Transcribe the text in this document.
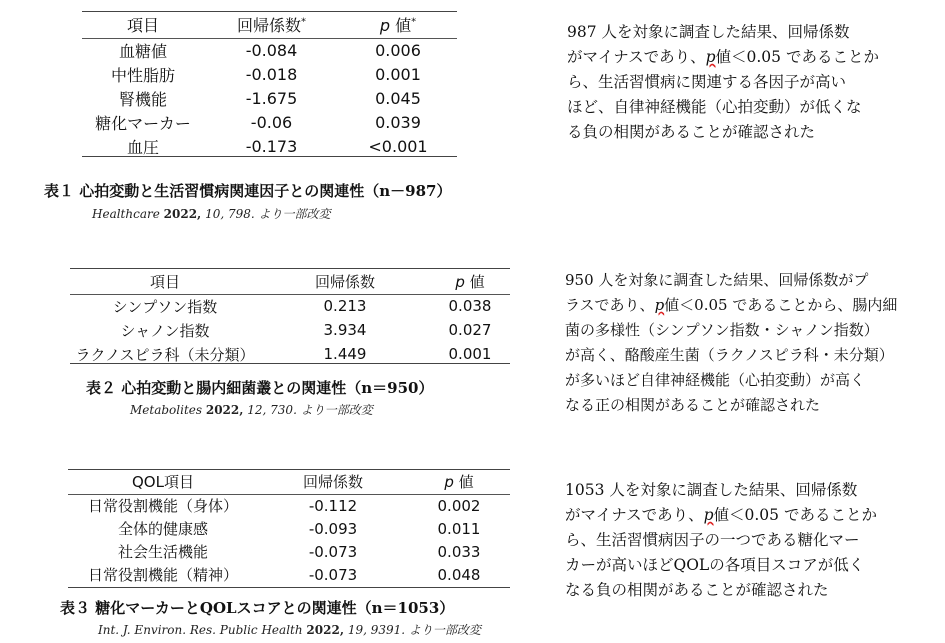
項目	回帰係数*	p 値*
血糖値	-0.084	0.006
中性脂肪	-0.018	0.001
腎機能	-1.675	0.045
糖化マーカー	-0.06	0.039
血圧	-0.173	<0.001
表１ 心拍変動と生活習慣病関連因子との関連性（n－987）
Healthcare 2022, 10, 798. より一部改変
項目	回帰係数	p 値
シンプソン指数	0.213	0.038
シャノン指数	3.934	0.027
ラクノスピラ科（未分類）	1.449	0.001
表２ 心拍変動と腸内細菌叢との関連性（n＝950）
Metabolites 2022, 12, 730. より一部改変
QOL項目	回帰係数	p 値
日常役割機能（身体）	-0.112	0.002
全体的健康感	-0.093	0.011
社会生活機能	-0.073	0.033
日常役割機能（精神）	-0.073	0.048
表３ 糖化マーカーとQOLスコアとの関連性（n＝1053）
Int. J. Environ. Res. Public Health 2022, 19, 9391. より一部改変
987 人を対象に調査した結果、回帰係数
がマイナスであり、p値＜0.05 であることか
ら、生活習慣病に関連する各因子が高い
ほど、自律神経機能（心拍変動）が低くな
る負の相関があることが確認された
950 人を対象に調査した結果、回帰係数がプ
ラスであり、p値＜0.05 であることから、腸内細
菌の多様性（シンプソン指数・シャノン指数）
が高く、酪酸産生菌（ラクノスピラ科・未分類）
が多いほど自律神経機能（心拍変動）が高く
なる正の相関があることが確認された
1053 人を対象に調査した結果、回帰係数
がマイナスであり、p値＜0.05 であることか
ら、生活習慣病因子の一つである糖化マー
カーが高いほどQOLの各項目スコアが低く
なる負の相関があることが確認された
